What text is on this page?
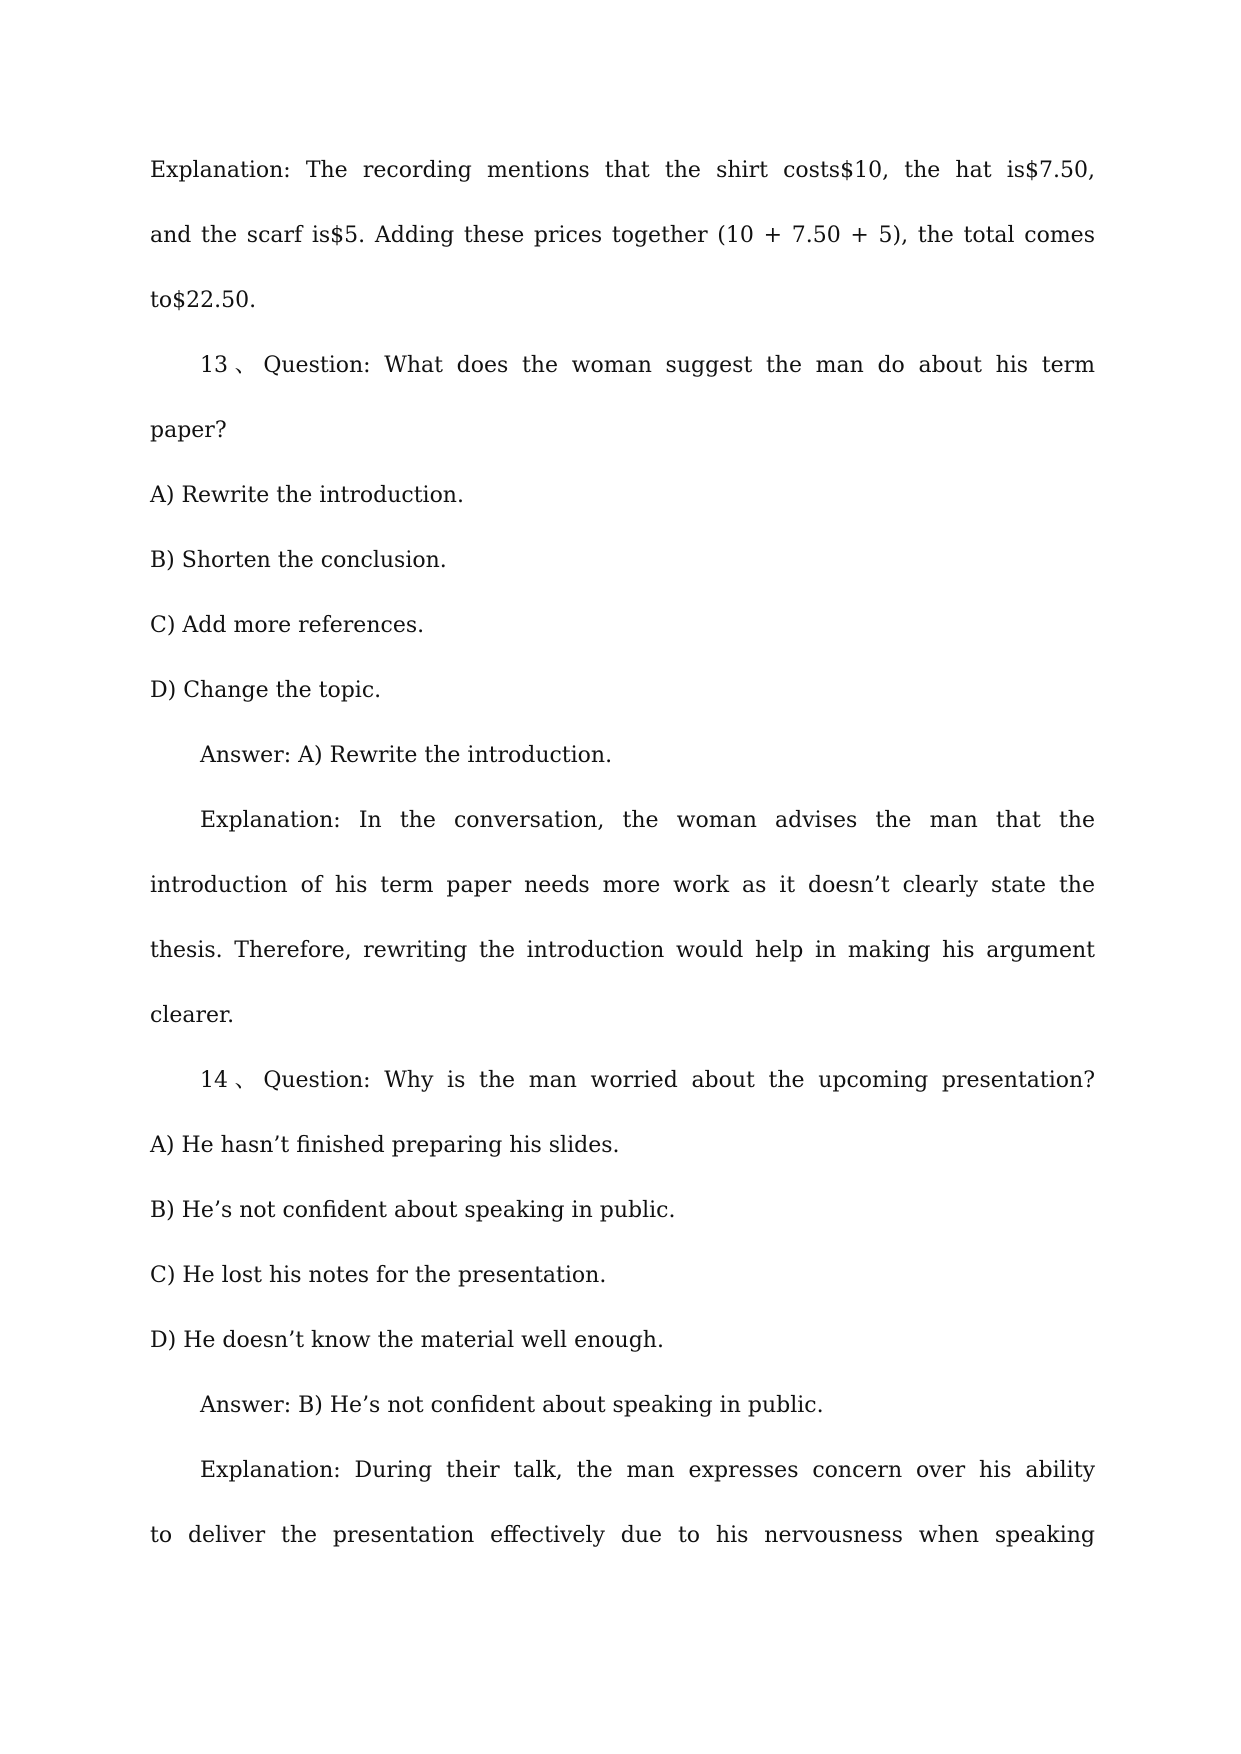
Explanation: The recording mentions that the shirt costs$10, the hat is$7.50,

and the scarf is$5. Adding these prices together (10 + 7.50 + 5), the total comes

to$22.50.

13、Question: What does the woman suggest the man do about his term

paper?

A) Rewrite the introduction.

B) Shorten the conclusion.

C) Add more references.

D) Change the topic.

Answer: A) Rewrite the introduction.

Explanation: In the conversation, the woman advises the man that the

introduction of his term paper needs more work as it doesn’t clearly state the

thesis. Therefore, rewriting the introduction would help in making his argument

clearer.

14、Question: Why is the man worried about the upcoming presentation?

A) He hasn’t finished preparing his slides.

B) He’s not confident about speaking in public.

C) He lost his notes for the presentation.

D) He doesn’t know the material well enough.

Answer: B) He’s not confident about speaking in public.

Explanation: During their talk, the man expresses concern over his ability

to deliver the presentation effectively due to his nervousness when speaking
